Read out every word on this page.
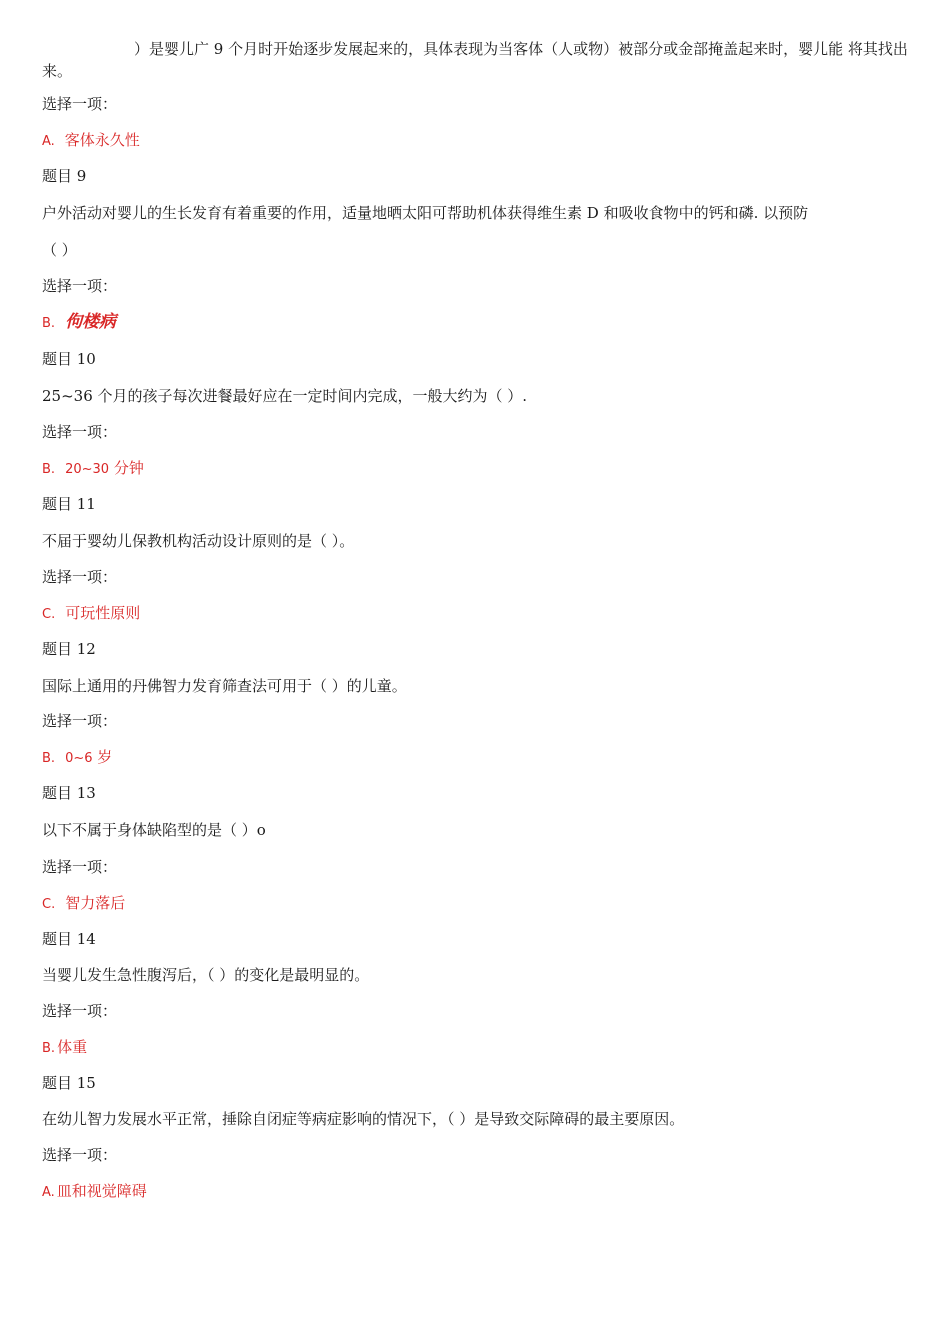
）是婴儿广 9 个月时开始逐步发展起来的，具体表现为当客体（人或物）被部分或金部掩盖起来时，婴儿能 将其找出来。
选择一项：
A. 客体永久性
题目 9
户外活动对婴儿的生长发育有着重要的作用，适量地晒太阳可帮助机体获得维生素 D 和吸收食物中的钙和磷. 以预防
（ ）
选择一项：
B. 佝楼病
题目 10
25~36 个月的孩子每次进餐最好应在一定时间内完成，一般大约为（ ）.
选择一项：
B. 20~30 分钟
题目 11
不届于婴幼儿保教机构活动设计原则的是（ ）。
选择一项：
C. 可玩性原则
题目 12
国际上通用的丹佛智力发育筛查法可用于（ ）的儿童。
选择一项：
B. 0~6 岁
题目 13
以下不属于身体缺陷型的是（ ）o
选择一项：
C. 智力落后
题目 14
当婴儿发生急性腹泻后，（ ）的变化是最明显的。
选择一项：
B. 体重
题目 15
在幼儿智力发展水平正常，捶除自闭症等病症影响的情况下，（ ）是导致交际障碍的最主要原因。
选择一项：
A. 皿和视觉障碍
